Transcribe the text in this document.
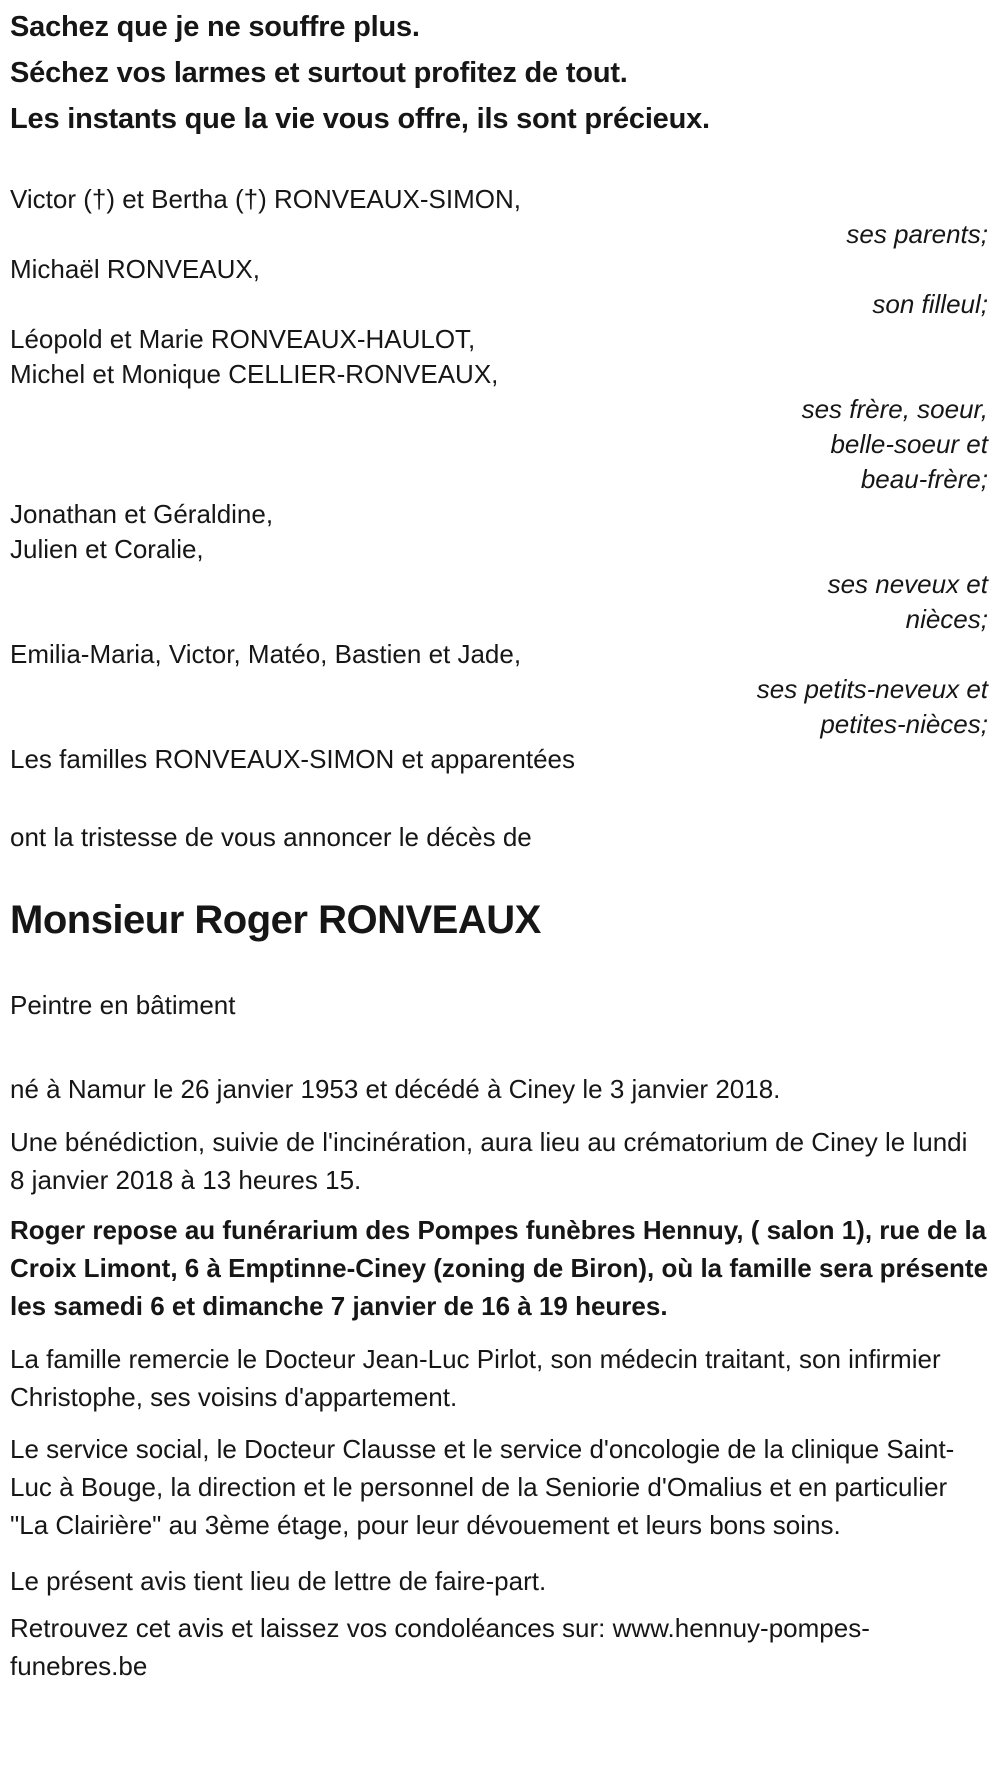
Sachez que je ne souffre plus.

Séchez vos larmes et surtout profitez de tout.

Les instants que la vie vous offre, ils sont précieux.

Victor (†) et Bertha (†) RONVEAUX-SIMON,

ses parents;

Michaël RONVEAUX,

son filleul;

Léopold et Marie RONVEAUX-HAULOT,

Michel et Monique CELLIER-RONVEAUX,

ses frère, soeur,

belle-soeur et

beau-frère;

Jonathan et Géraldine,

Julien et Coralie,

ses neveux et

nièces;

Emilia-Maria, Victor, Matéo, Bastien et Jade,

ses petits-neveux et

petites-nièces;

Les familles RONVEAUX-SIMON et apparentées

ont la tristesse de vous annoncer le décès de

Monsieur Roger RONVEAUX

Peintre en bâtiment

né à Namur le 26 janvier 1953 et décédé à Ciney le 3 janvier 2018.

Une bénédiction, suivie de l'incinération, aura lieu au crématorium de Ciney le lundi 8 janvier 2018 à 13 heures 15.

Roger repose au funérarium des Pompes funèbres Hennuy, ( salon 1), rue de la Croix Limont, 6 à Emptinne-Ciney (zoning de Biron), où la famille sera présente les samedi 6 et dimanche 7 janvier de 16 à 19 heures.

La famille remercie le Docteur Jean-Luc Pirlot, son médecin traitant, son infirmier Christophe, ses voisins d'appartement.

Le service social, le Docteur Clausse et le service d'oncologie de la clinique Saint-Luc à Bouge, la direction et le personnel de la Seniorie d'Omalius et en particulier "La Clairière" au 3ème étage, pour leur dévouement et leurs bons soins.

Le présent avis tient lieu de lettre de faire-part.

Retrouvez cet avis et laissez vos condoléances sur: www.hennuy-pompes-funebres.be
